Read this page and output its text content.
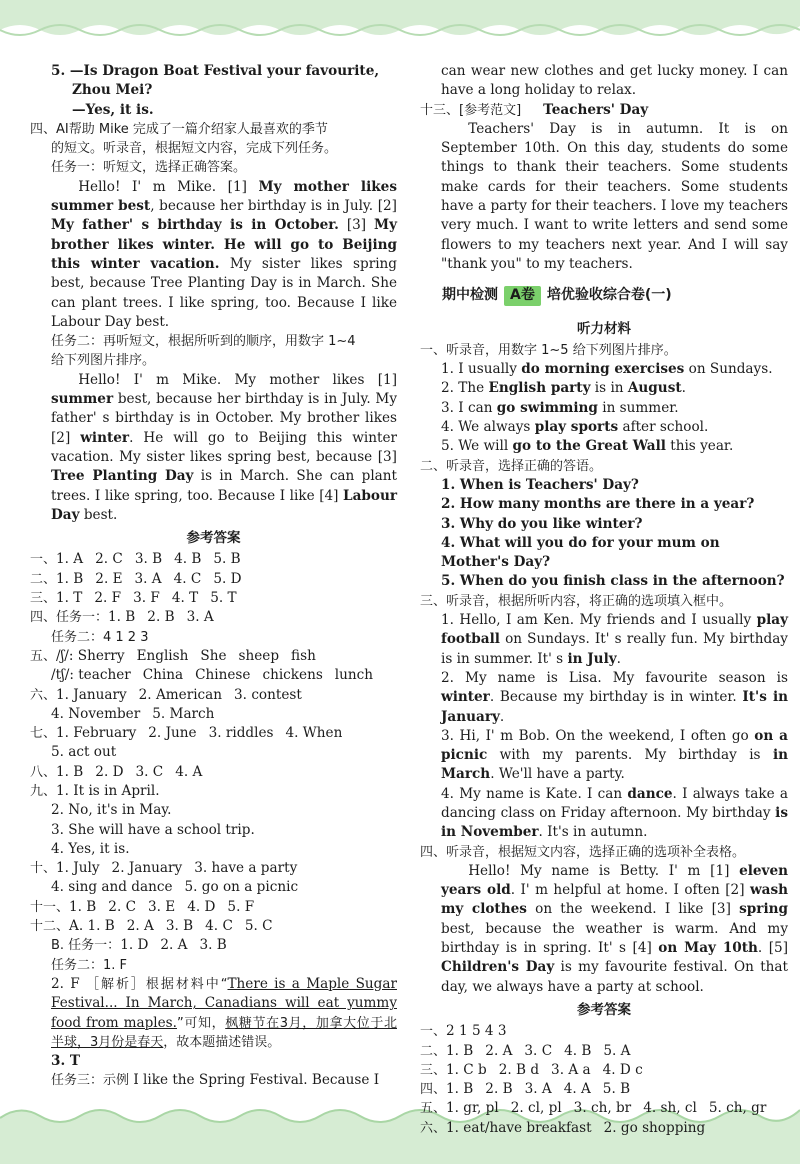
5. —Is Dragon Boat Festival your favourite,

Zhou Mei?

—Yes, it is.

四、AI帮助 Mike 完成了一篇介绍家人最喜欢的季节

的短文。听录音，根据短文内容，完成下列任务。

任务一：听短文，选择正确答案。

Hello! I' m Mike. [1] My mother likes summer best, because her birthday is in July. [2] My father' s birthday is in October. [3] My brother likes winter. He will go to Beijing this winter vacation. My sister likes spring best, because Tree Planting Day is in March. She can plant trees. I like spring, too. Because I like Labour Day best.

任务二：再听短文，根据所听到的顺序，用数字 1~4

给下列图片排序。

Hello! I' m Mike. My mother likes [1] summer best, because her birthday is in July. My father' s birthday is in October. My brother likes [2] winter. He will go to Beijing this winter vacation. My sister likes spring best, because [3] Tree Planting Day is in March. She can plant trees. I like spring, too. Because I like [4] Labour Day best.

参考答案

一、1. A 2. C 3. B 4. B 5. B

二、1. B 2. E 3. A 4. C 5. D

三、1. T 2. F 3. F 4. T 5. T

四、任务一：1. B 2. B 3. A

任务二：4 1 2 3

五、/ʃ/: Sherry English She sheep fish

/tʃ/: teacher China Chinese chickens lunch

六、1. January 2. American 3. contest

4. November 5. March

七、1. February 2. June 3. riddles 4. When

5. act out

八、1. B 2. D 3. C 4. A

九、1. It is in April.

2. No, it's in May.

3. She will have a school trip.

4. Yes, it is.

十、1. July 2. January 3. have a party

4. sing and dance 5. go on a picnic

十一、1. B 2. C 3. E 4. D 5. F

十二、A. 1. B 2. A 3. B 4. C 5. C

B. 任务一：1. D 2. A 3. B

任务二：1. F

2. F ［解析］根据材料中“There is a Maple Sugar Festival... In March, Canadians will eat yummy food from maples.”可知，枫糖节在3月，加拿大位于北半球，3月份是春天，故本题描述错误。

3. T

任务三：示例 I like the Spring Festival. Because I

can wear new clothes and get lucky money. I can have a long holiday to relax.

十三、[参考范文] Teachers' Day

Teachers' Day is in autumn. It is on September 10th. On this day, students do some things to thank their teachers. Some students make cards for their teachers. Some students have a party for their teachers. I love my teachers very much. I want to write letters and send some flowers to my teachers next year. And I will say "thank you" to my teachers.

期中检测 A卷 培优验收综合卷(一)

听力材料

一、听录音，用数字 1~5 给下列图片排序。

1. I usually do morning exercises on Sundays.

2. The English party is in August.

3. I can go swimming in summer.

4. We always play sports after school.

5. We will go to the Great Wall this year.

二、听录音，选择正确的答语。

1. When is Teachers' Day?

2. How many months are there in a year?

3. Why do you like winter?

4. What will you do for your mum on Mother's Day?

5. When do you finish class in the afternoon?

三、听录音，根据所听内容，将正确的选项填入框中。

1. Hello, I am Ken. My friends and I usually play football on Sundays. It' s really fun. My birthday is in summer. It' s in July.

2. My name is Lisa. My favourite season is winter. Because my birthday is in winter. It's in January.

3. Hi, I' m Bob. On the weekend, I often go on a picnic with my parents. My birthday is in March. We'll have a party.

4. My name is Kate. I can dance. I always take a dancing class on Friday afternoon. My birthday is in November. It's in autumn.

四、听录音，根据短文内容，选择正确的选项补全表格。

Hello! My name is Betty. I' m [1] eleven years old. I' m helpful at home. I often [2] wash my clothes on the weekend. I like [3] spring best, because the weather is warm. And my birthday is in spring. It' s [4] on May 10th. [5] Children's Day is my favourite festival. On that day, we always have a party at school.

参考答案

一、2 1 5 4 3

二、1. B 2. A 3. C 4. B 5. A

三、1. C b 2. B d 3. A a 4. D c

四、1. B 2. B 3. A 4. A 5. B

五、1. gr, pl 2. cl, pl 3. ch, br 4. sh, cl 5. ch, gr

六、1. eat/have breakfast 2. go shopping
